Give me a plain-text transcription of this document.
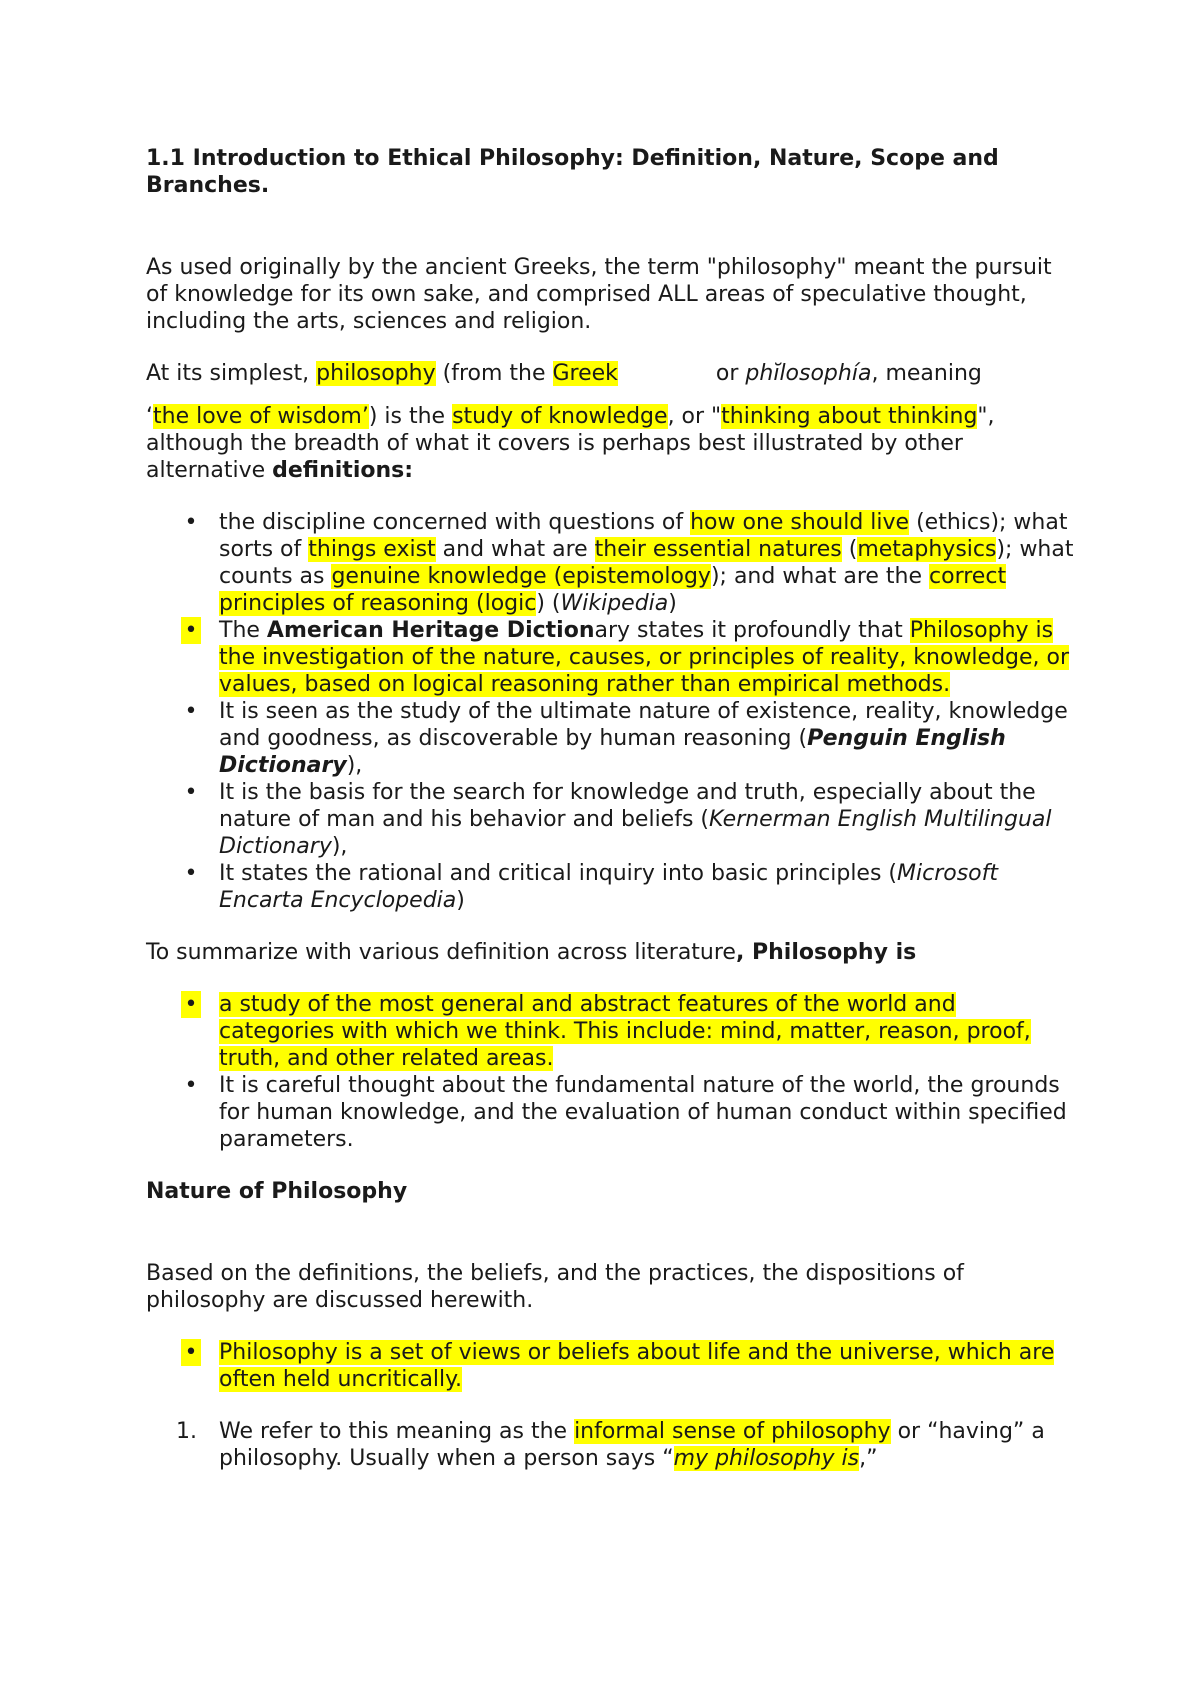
1.1 Introduction to Ethical Philosophy: Definition, Nature, Scope and Branches.

As used originally by the ancient Greeks, the term "philosophy" meant the pursuit of knowledge for its own sake, and comprised ALL areas of speculative thought, including the arts, sciences and religion.

At its simplest, philosophy (from the Greek	or phĭlosophía, meaning

‘the love of wisdom’) is the study of knowledge, or "thinking about thinking", although the breadth of what it covers is perhaps best illustrated by other alternative definitions:

• the discipline concerned with questions of how one should live (ethics); what sorts of things exist and what are their essential natures (metaphysics); what counts as genuine knowledge (epistemology); and what are the correct principles of reasoning (logic) (Wikipedia)
• The American Heritage Dictionary states it profoundly that Philosophy is the investigation of the nature, causes, or principles of reality, knowledge, or values, based on logical reasoning rather than empirical methods.
• It is seen as the study of the ultimate nature of existence, reality, knowledge and goodness, as discoverable by human reasoning (Penguin English Dictionary),
• It is the basis for the search for knowledge and truth, especially about the nature of man and his behavior and beliefs (Kernerman English Multilingual Dictionary),
• It states the rational and critical inquiry into basic principles (Microsoft Encarta Encyclopedia)

To summarize with various definition across literature, Philosophy is

• a study of the most general and abstract features of the world and categories with which we think. This include: mind, matter, reason, proof, truth, and other related areas.
• It is careful thought about the fundamental nature of the world, the grounds for human knowledge, and the evaluation of human conduct within specified parameters.
Nature of Philosophy

Based on the definitions, the beliefs, and the practices, the dispositions of philosophy are discussed herewith.

• Philosophy is a set of views or beliefs about life and the universe, which are often held uncritically.
1.	We refer to this meaning as the informal sense of philosophy or “having” a philosophy. Usually when a person says “my philosophy is,”
